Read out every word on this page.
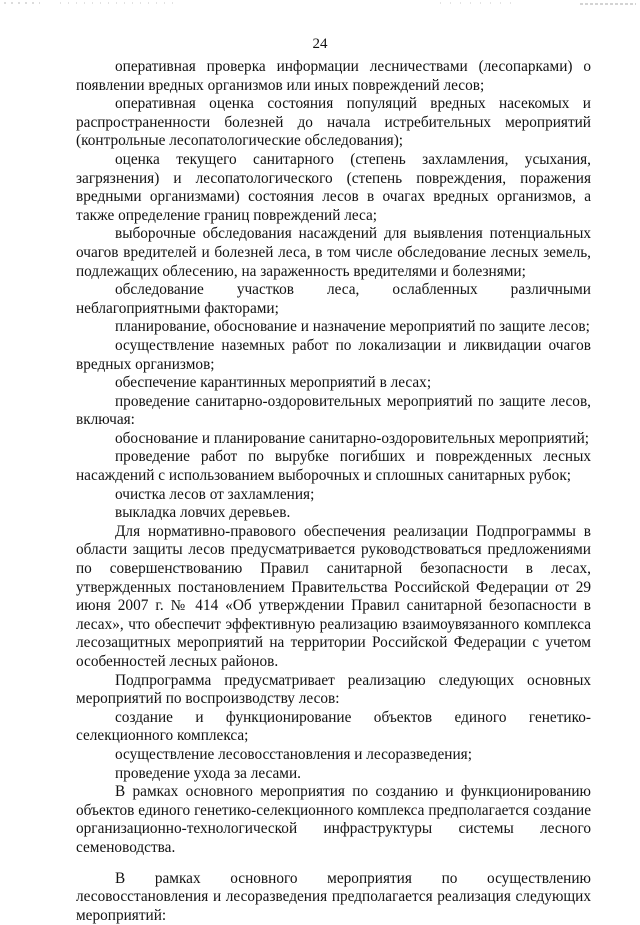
24

оперативная проверка информации лесничествами (лесопарками) о появлении вредных организмов или иных повреждений лесов;

оперативная оценка состояния популяций вредных насекомых и распространенности болезней до начала истребительных мероприятий (контрольные лесопатологические обследования);

оценка текущего санитарного (степень захламления, усыхания, загрязнения) и лесопатологического (степень повреждения, поражения вредными организмами) состояния лесов в очагах вредных организмов, а также определение границ повреждений леса;

выборочные обследования насаждений для выявления потенциальных очагов вредителей и болезней леса, в том числе обследование лесных земель, подлежащих облесению, на зараженность вредителями и болезнями;

обследование участков леса, ослабленных различными неблагоприятными факторами;

планирование, обоснование и назначение мероприятий по защите лесов;

осуществление наземных работ по локализации и ликвидации очагов вредных организмов;

обеспечение карантинных мероприятий в лесах;

проведение санитарно-оздоровительных мероприятий по защите лесов, включая:

обоснование и планирование санитарно-оздоровительных мероприятий;

проведение работ по вырубке погибших и поврежденных лесных насаждений с использованием выборочных и сплошных санитарных рубок;

очистка лесов от захламления;

выкладка ловчих деревьев.

Для нормативно-правового обеспечения реализации Подпрограммы в области защиты лесов предусматривается руководствоваться предложениями по совершенствованию Правил санитарной безопасности в лесах, утвержденных постановлением Правительства Российской Федерации от 29 июня 2007 г. № 414 «Об утверждении Правил санитарной безопасности в лесах», что обеспечит эффективную реализацию взаимоувязанного комплекса лесозащитных мероприятий на территории Российской Федерации с учетом особенностей лесных районов.

Подпрограмма предусматривает реализацию следующих основных мероприятий по воспроизводству лесов:

создание и функционирование объектов единого генетико-селекционного комплекса;

осуществление лесовосстановления и лесоразведения;

проведение ухода за лесами.

В рамках основного мероприятия по созданию и функционированию объектов единого генетико-селекционного комплекса предполагается создание организационно-технологической инфраструктуры системы лесного семеноводства.

В рамках основного мероприятия по осуществлению лесовосстановления и лесоразведения предполагается реализация следующих мероприятий:
